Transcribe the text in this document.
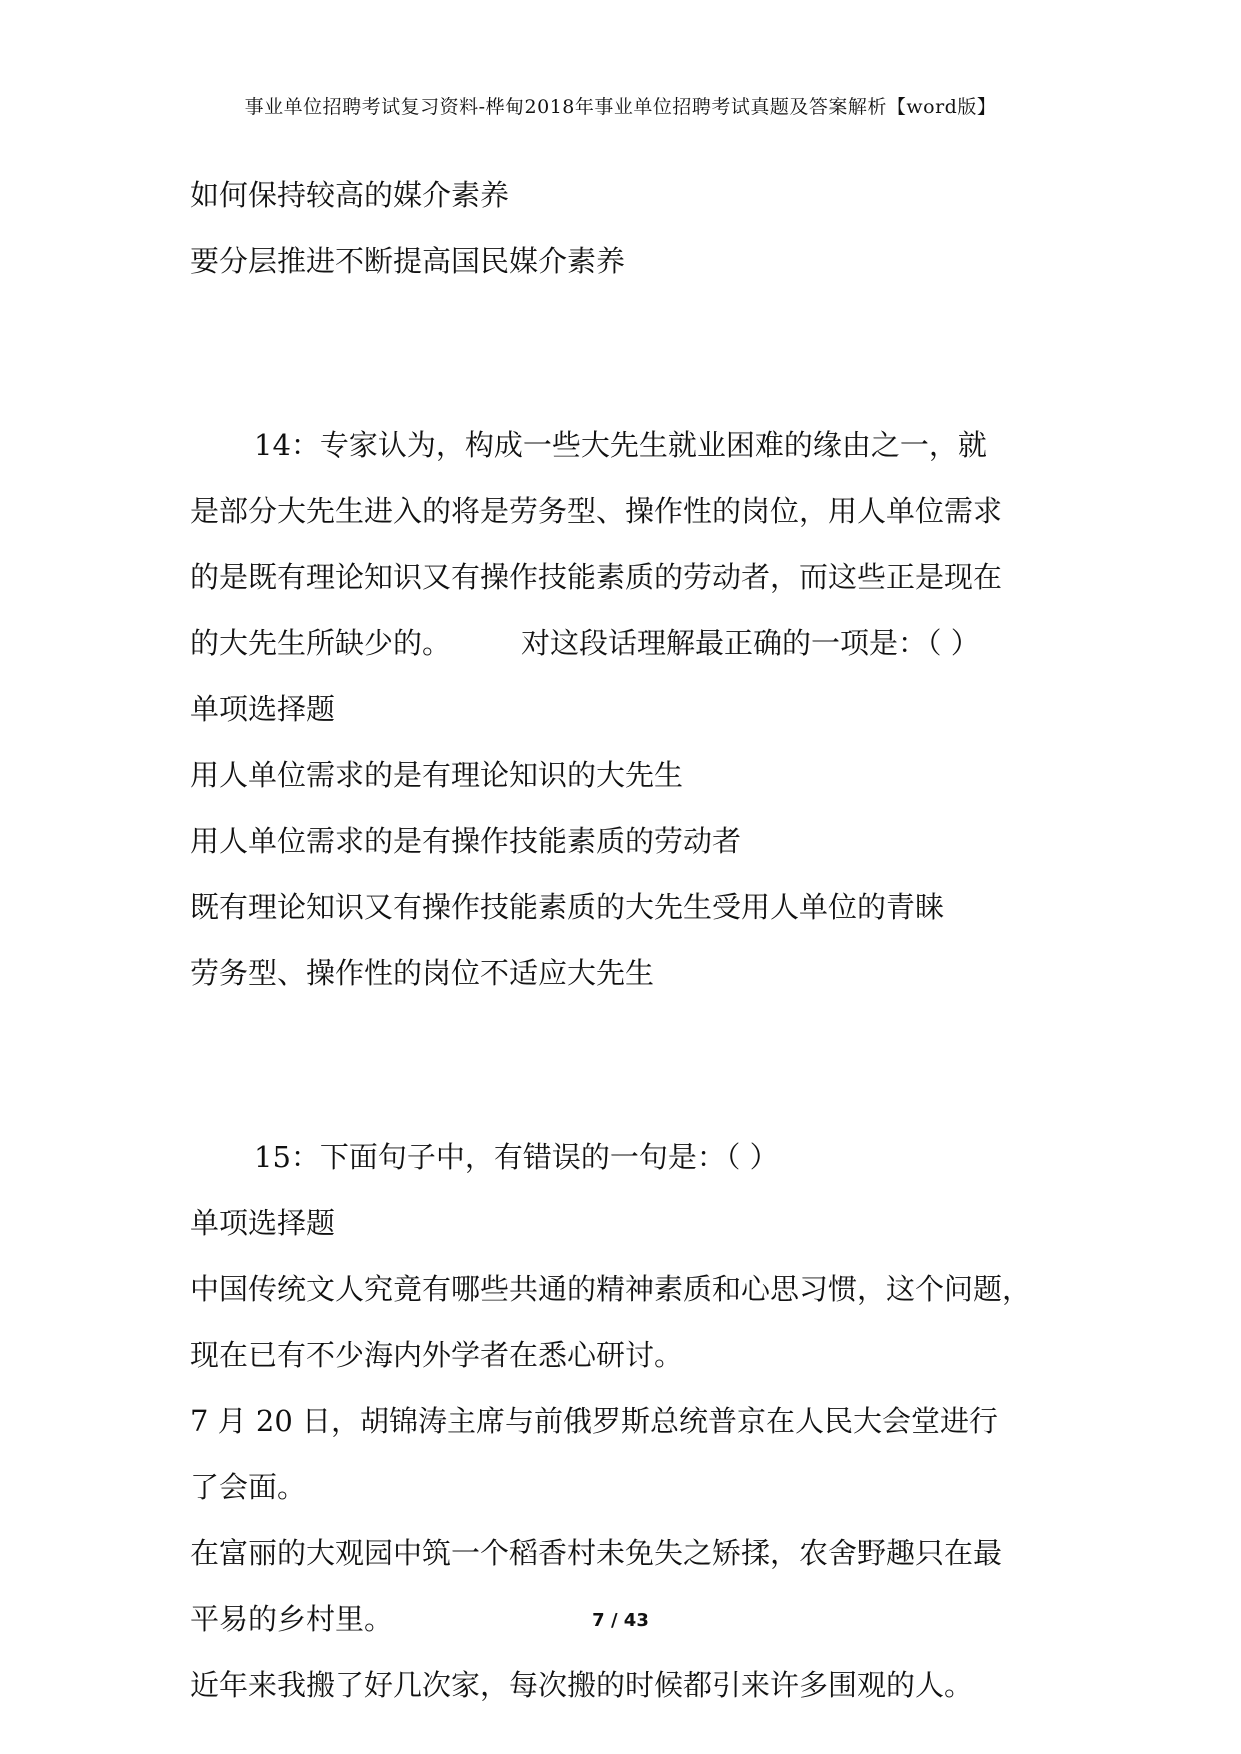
事业单位招聘考试复习资料-桦甸2018年事业单位招聘考试真题及答案解析【word版】
如何保持较高的媒介素养
要分层推进不断提高国民媒介素养
14：专家认为，构成一些大先生就业困难的缘由之一，就
是部分大先生进入的将是劳务型、操作性的岗位，用人单位需求
的是既有理论知识又有操作技能素质的劳动者，而这些正是现在
的大先生所缺少的。 对这段话理解最正确的一项是：（ ）
单项选择题
用人单位需求的是有理论知识的大先生
用人单位需求的是有操作技能素质的劳动者
既有理论知识又有操作技能素质的大先生受用人单位的青睐
劳务型、操作性的岗位不适应大先生
15：下面句子中，有错误的一句是：（ ）
单项选择题
中国传统文人究竟有哪些共通的精神素质和心思习惯，这个问题，
现在已有不少海内外学者在悉心研讨。
7 月 20 日，胡锦涛主席与前俄罗斯总统普京在人民大会堂进行
了会面。
在富丽的大观园中筑一个稻香村未免失之矫揉，农舍野趣只在最
平易的乡村里。
近年来我搬了好几次家，每次搬的时候都引来许多围观的人。
7 / 43
